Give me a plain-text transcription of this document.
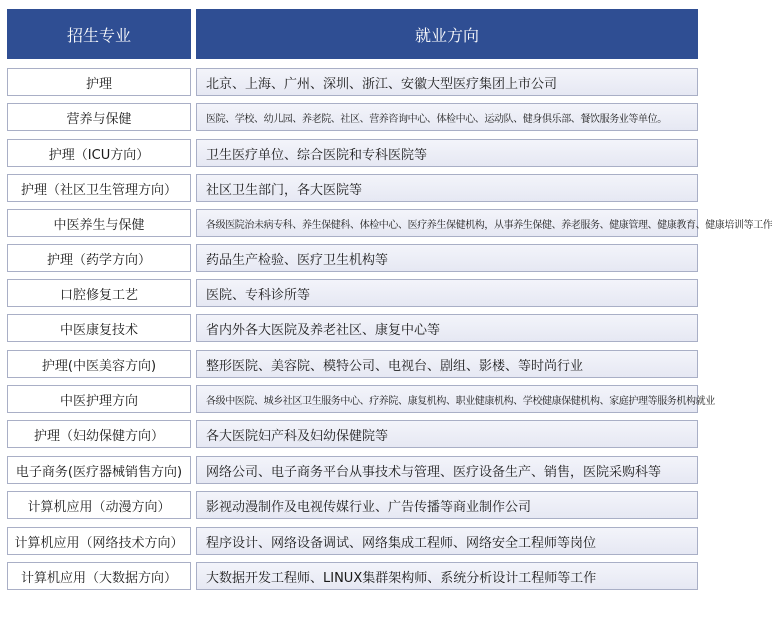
招生专业	就业方向
护理	北京、上海、广州、深圳、浙江、安徽大型医疗集团上市公司
营养与保健	医院、学校、幼儿园、养老院、社区、营养咨询中心、体检中心、运动队、健身俱乐部、餐饮服务业等单位。
护理（ICU方向）	卫生医疗单位、综合医院和专科医院等
护理（社区卫生管理方向）	社区卫生部门，各大医院等
中医养生与保健	各级医院治未病专科、养生保健科、体检中心、医疗养生保健机构，从事养生保健、养老服务、健康管理、健康教育、健康培训等工作
护理（药学方向）	药品生产检验、医疗卫生机构等
口腔修复工艺	医院、专科诊所等
中医康复技术	省内外各大医院及养老社区、康复中心等
护理(中医美容方向)	整形医院、美容院、模特公司、电视台、剧组、影楼、等时尚行业
中医护理方向	各级中医院、城乡社区卫生服务中心、疗养院、康复机构、职业健康机构、学校健康保健机构、家庭护理等服务机构就业
护理（妇幼保健方向）	各大医院妇产科及妇幼保健院等
电子商务(医疗器械销售方向)	网络公司、电子商务平台从事技术与管理、医疗设备生产、销售，医院采购科等
计算机应用（动漫方向）	影视动漫制作及电视传媒行业、广告传播等商业制作公司
计算机应用（网络技术方向）	程序设计、网络设备调试、网络集成工程师、网络安全工程师等岗位
计算机应用（大数据方向）	大数据开发工程师、LINUX集群架构师、系统分析设计工程师等工作
